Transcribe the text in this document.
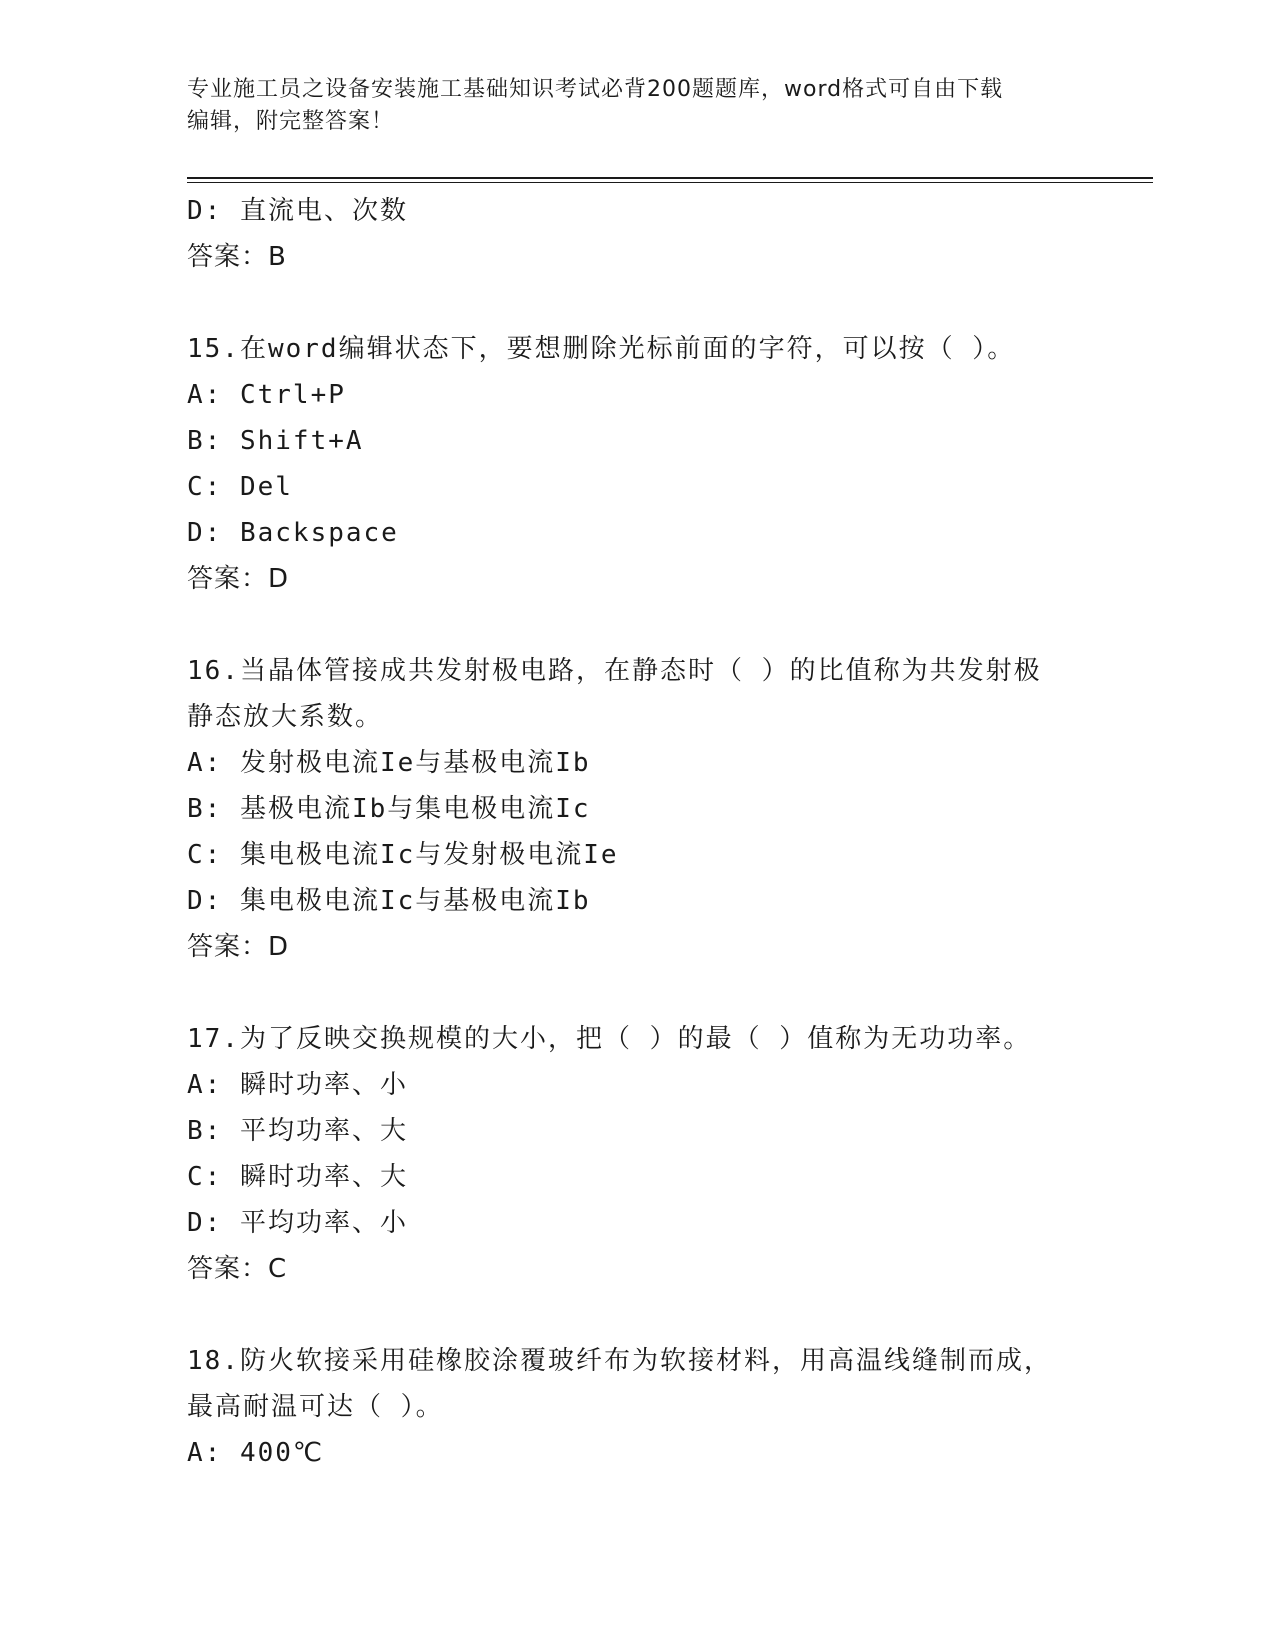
专业施工员之设备安装施工基础知识考试必背200题题库，word格式可自由下载
编辑，附完整答案！
D: 直流电、次数
答案：B
15.在word编辑状态下，要想删除光标前面的字符，可以按（ ）。
A: Ctrl+P
B: Shift+A
C: Del
D: Backspace
答案：D
16.当晶体管接成共发射极电路，在静态时（ ）的比值称为共发射极
静态放大系数。
A: 发射极电流Ie与基极电流Ib
B: 基极电流Ib与集电极电流Ic
C: 集电极电流Ic与发射极电流Ie
D: 集电极电流Ic与基极电流Ib
答案：D
17.为了反映交换规模的大小，把（ ）的最（ ）值称为无功功率。
A: 瞬时功率、小
B: 平均功率、大
C: 瞬时功率、大
D: 平均功率、小
答案：C
18.防火软接采用硅橡胶涂覆玻纤布为软接材料，用高温线缝制而成，
最高耐温可达（ ）。
A: 400℃
